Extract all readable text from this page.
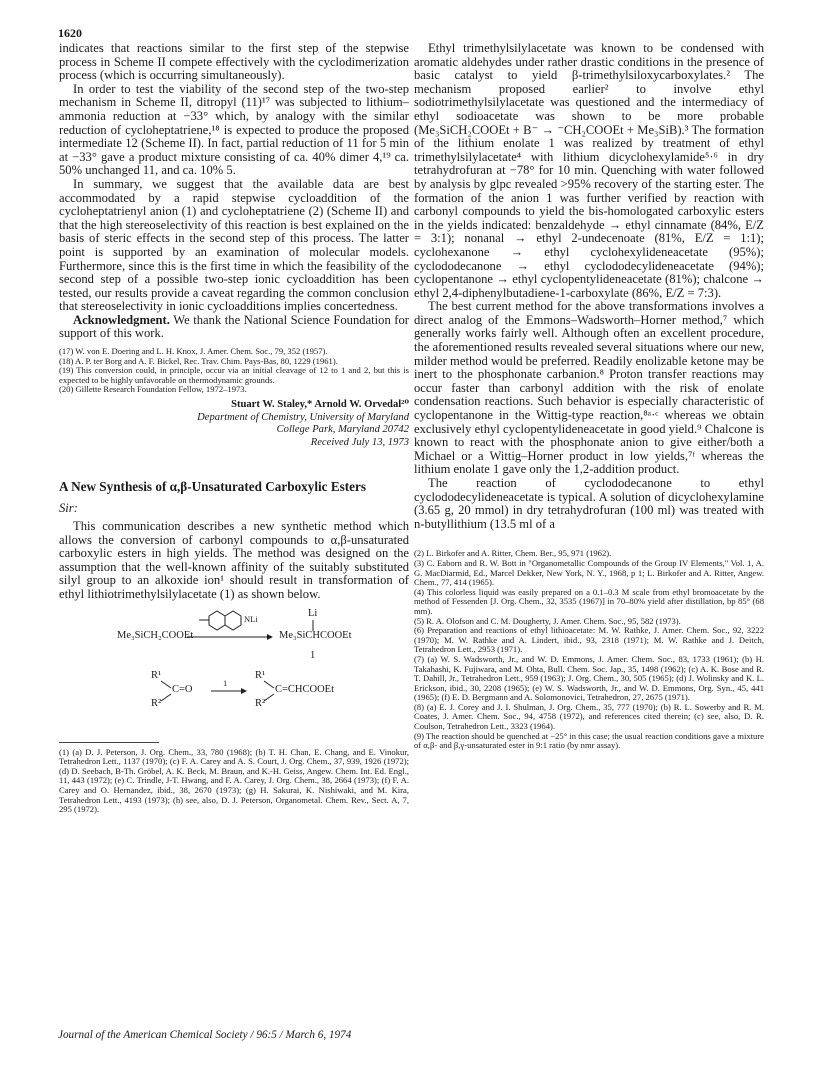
1620

indicates that reactions similar to the first step of the stepwise process in Scheme II compete effectively with the cyclodimerization process (which is occurring simultaneously).

In order to test the viability of the second step of the two-step mechanism in Scheme II, ditropyl (11)¹⁷ was subjected to lithium–ammonia reduction at −33° which, by analogy with the similar reduction of cycloheptatriene,¹⁸ is expected to produce the proposed intermediate 12 (Scheme II). In fact, partial reduction of 11 for 5 min at −33° gave a product mixture consisting of ca. 40% dimer 4,¹⁹ ca. 50% unchanged 11, and ca. 10% 5.

In summary, we suggest that the available data are best accommodated by a rapid stepwise cycloaddition of the cycloheptatrienyl anion (1) and cycloheptatriene (2) (Scheme II) and that the high stereoselectivity of this reaction is best explained on the basis of steric effects in the second step of this process. The latter point is supported by an examination of molecular models. Furthermore, since this is the first time in which the feasibility of the second step of a possible two-step ionic cycloaddition has been tested, our results provide a caveat regarding the common conclusion that stereoselectivity in ionic cycloadditions implies concertedness.

Acknowledgment. We thank the National Science Foundation for support of this work.

(17) W. von E. Doering and L. H. Knox, J. Amer. Chem. Soc., 79, 352 (1957).

(18) A. P. ter Borg and A. F. Bickel, Rec. Trav. Chim. Pays-Bas, 80, 1229 (1961).

(19) This conversion could, in principle, occur via an initial cleavage of 12 to 1 and 2, but this is expected to be highly unfavorable on thermodynamic grounds.

(20) Gillette Research Foundation Fellow, 1972–1973.

Stuart W. Staley,* Arnold W. Orvedal²⁰
Department of Chemistry, University of Maryland
College Park, Maryland 20742
Received July 13, 1973
A New Synthesis of α,β-Unsaturated Carboxylic Esters
Sir:

This communication describes a new synthetic method which allows the conversion of carbonyl compounds to α,β-unsaturated carboxylic esters in high yields. The method was designed on the assumption that the well-known affinity of the suitably substituted silyl group to an alkoxide ion¹ should result in transformation of ethyl lithiotrimethylsilylacetate (1) as shown below.

NLi
Me₃SiCH₂COOEt
Li
Me₃SiCHCOOEt
1
R¹
R²
C=O
1
R¹
R²
C=CHCOOEt

(1) (a) D. J. Peterson, J. Org. Chem., 33, 780 (1968); (b) T. H. Chan, E. Chang, and E. Vinokur, Tetrahedron Lett., 1137 (1970); (c) F. A. Carey and A. S. Court, J. Org. Chem., 37, 939, 1926 (1972); (d) D. Seebach, B-Th. Gröbel, A. K. Beck, M. Braun, and K.-H. Geiss, Angew. Chem. Int. Ed. Engl., 11, 443 (1972); (e) C. Trindle, J-T. Hwang, and F. A. Carey, J. Org. Chem., 38, 2664 (1973); (f) F. A. Carey and O. Hernandez, ibid., 38, 2670 (1973); (g) H. Sakurai, K. Nishiwaki, and M. Kira, Tetrahedron Lett., 4193 (1973); (h) see, also, D. J. Peterson, Organometal. Chem. Rev., Sect. A, 7, 295 (1972).

Ethyl trimethylsilylacetate was known to be condensed with aromatic aldehydes under rather drastic conditions in the presence of basic catalyst to yield β-trimethylsiloxycarboxylates.² The mechanism proposed earlier² to involve ethyl sodiotrimethylsilylacetate was questioned and the intermediacy of ethyl sodioacetate was shown to be more probable (Me₃SiCH₂COOEt + B⁻ → ⁻CH₂COOEt + Me₃SiB).³ The formation of the lithium enolate 1 was realized by treatment of ethyl trimethylsilylacetate⁴ with lithium dicyclohexylamide⁵·⁶ in dry tetrahydrofuran at −78° for 10 min. Quenching with water followed by analysis by glpc revealed >95% recovery of the starting ester. The formation of the anion 1 was further verified by reaction with carbonyl compounds to yield the bis-homologated carboxylic esters in the yields indicated: benzaldehyde → ethyl cinnamate (84%, E/Z = 3:1); nonanal → ethyl 2-undecenoate (81%, E/Z = 1:1); cyclohexanone → ethyl cyclohexylideneacetate (95%); cyclododecanone → ethyl cyclododecylideneacetate (94%); cyclopentanone → ethyl cyclopentylideneacetate (81%); chalcone → ethyl 2,4-diphenylbutadiene-1-carboxylate (86%, E/Z = 7:3).

The best current method for the above transformations involves a direct analog of the Emmons–Wadsworth–Horner method,⁷ which generally works fairly well. Although often an excellent procedure, the aforementioned results revealed several situations where our new, milder method would be preferred. Readily enolizable ketone may be inert to the phosphonate carbanion.⁸ Proton transfer reactions may occur faster than carbonyl addition with the risk of enolate condensation reactions. Such behavior is especially characteristic of cyclopentanone in the Wittig-type reaction,⁸ᵃ·ᶜ whereas we obtain exclusively ethyl cyclopentylideneacetate in good yield.⁹ Chalcone is known to react with the phosphonate anion to give either/both a Michael or a Wittig–Horner product in low yields,⁷ᶠ whereas the lithium enolate 1 gave only the 1,2-addition product.

The reaction of cyclododecanone to ethyl cyclododecylideneacetate is typical. A solution of dicyclohexylamine (3.65 g, 20 mmol) in dry tetrahydrofuran (100 ml) was treated with n-butyllithium (13.5 ml of a

(2) L. Birkofer and A. Ritter, Chem. Ber., 95, 971 (1962).

(3) C. Eaborn and R. W. Bott in "Organometallic Compounds of the Group IV Elements," Vol. 1, A. G. MacDiarmid, Ed., Marcel Dekker, New York, N. Y., 1968, p 1; L. Birkofer and A. Ritter, Angew. Chem., 77, 414 (1965).

(4) This colorless liquid was easily prepared on a 0.1–0.3 M scale from ethyl bromoacetate by the method of Fessenden [J. Org. Chem., 32, 3535 (1967)] in 70–80% yield after distillation, bp 85° (68 mm).

(5) R. A. Olofson and C. M. Dougherty, J. Amer. Chem. Soc., 95, 582 (1973).

(6) Preparation and reactions of ethyl lithioacetate: M. W. Rathke, J. Amer. Chem. Soc., 92, 3222 (1970); M. W. Rathke and A. Lindert, ibid., 93, 2318 (1971); M. W. Rathke and J. Deitch, Tetrahedron Lett., 2953 (1971).

(7) (a) W. S. Wadsworth, Jr., and W. D. Emmons, J. Amer. Chem. Soc., 83, 1733 (1961); (b) H. Takahashi, K. Fujiwara, and M. Ohta, Bull. Chem. Soc. Jap., 35, 1498 (1962); (c) A. K. Bose and R. T. Dahill, Jr., Tetrahedron Lett., 959 (1963); J. Org. Chem., 30, 505 (1965); (d) J. Wolinsky and K. L. Erickson, ibid., 30, 2208 (1965); (e) W. S. Wadsworth, Jr., and W. D. Emmons, Org. Syn., 45, 441 (1965); (f) E. D. Bergmann and A. Solomonovici, Tetrahedron, 27, 2675 (1971).

(8) (a) E. J. Corey and J. I. Shulman, J. Org. Chem., 35, 777 (1970); (b) R. L. Sowerby and R. M. Coates, J. Amer. Chem. Soc., 94, 4758 (1972), and references cited therein; (c) see, also, D. R. Coulson, Tetrahedron Lett., 3323 (1964).

(9) The reaction should be quenched at −25° in this case; the usual reaction conditions gave a mixture of α,β- and β,γ-unsaturated ester in 9:1 ratio (by nmr assay).

Journal of the American Chemical Society / 96:5 / March 6, 1974
